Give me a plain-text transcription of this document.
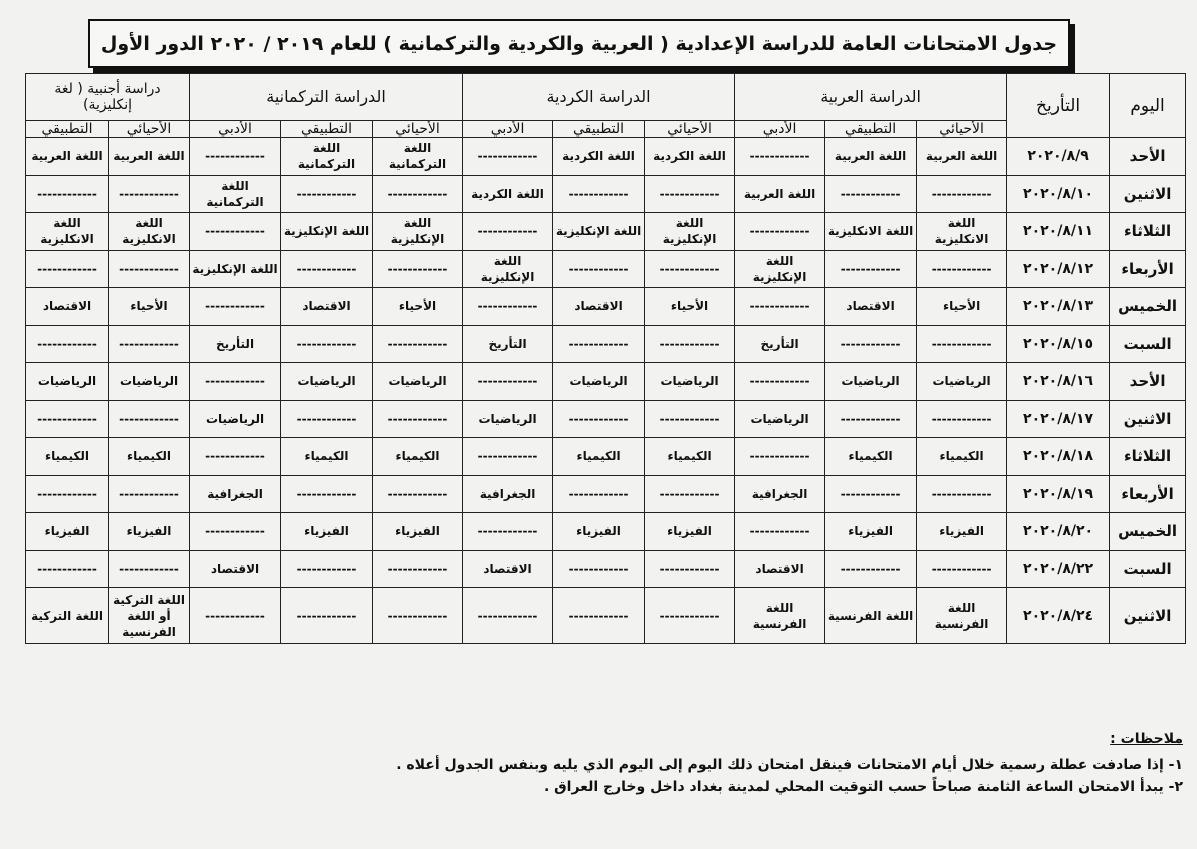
جدول الامتحانات العامة للدراسة الإعدادية ( العربية والكردية والتركمانية ) للعام ٢٠١٩ / ٢٠٢٠ الدور الأول
اليوم	التأريخ	الدراسة العربية			الدراسة الكردية			الدراسة التركمانية			دراسة أجنبية ( لغة إنكليزية)	
		الأحيائي	التطبيقي	الأدبي	الأحيائي	التطبيقي	الأدبي	الأحيائي	التطبيقي	الأدبي	الأحيائي	التطبيقي
الأحد	٢٠٢٠/٨/٩	اللغة العربية	اللغة العربية	------------	اللغة الكردية	اللغة الكردية	------------	اللغة التركمانية	اللغة التركمانية	------------	اللغة العربية	اللغة العربية
الاثنين	٢٠٢٠/٨/١٠	------------	------------	اللغة العربية	------------	------------	اللغة الكردية	------------	------------	اللغة التركمانية	------------	------------
الثلاثاء	٢٠٢٠/٨/١١	اللغة الانكليزية	اللغة الانكليزية	------------	اللغة الإنكليزية	اللغة الإنكليزية	------------	اللغة الإنكليزية	اللغة الإنكليزية	------------	اللغة الانكليزية	اللغة الانكليزية
الأربعاء	٢٠٢٠/٨/١٢	------------	------------	اللغة الإنكليزية	------------	------------	اللغة الإنكليزية	------------	------------	اللغة الإنكليزية	------------	------------
الخميس	٢٠٢٠/٨/١٣	الأحياء	الاقتصاد	------------	الأحياء	الاقتصاد	------------	الأحياء	الاقتصاد	------------	الأحياء	الاقتصاد
السبت	٢٠٢٠/٨/١٥	------------	------------	التأريخ	------------	------------	التأريخ	------------	------------	التأريخ	------------	------------
الأحد	٢٠٢٠/٨/١٦	الرياضيات	الرياضيات	------------	الرياضيات	الرياضيات	------------	الرياضيات	الرياضيات	------------	الرياضيات	الرياضيات
الاثنين	٢٠٢٠/٨/١٧	------------	------------	الرياضيات	------------	------------	الرياضيات	------------	------------	الرياضيات	------------	------------
الثلاثاء	٢٠٢٠/٨/١٨	الكيمياء	الكيمياء	------------	الكيمياء	الكيمياء	------------	الكيمياء	الكيمياء	------------	الكيمياء	الكيمياء
الأربعاء	٢٠٢٠/٨/١٩	------------	------------	الجغرافية	------------	------------	الجغرافية	------------	------------	الجغرافية	------------	------------
الخميس	٢٠٢٠/٨/٢٠	الفيزياء	الفيزياء	------------	الفيزياء	الفيزياء	------------	الفيزياء	الفيزياء	------------	الفيزياء	الفيزياء
السبت	٢٠٢٠/٨/٢٢	------------	------------	الاقتصاد	------------	------------	الاقتصاد	------------	------------	الاقتصاد	------------	------------
الاثنين	٢٠٢٠/٨/٢٤	اللغة الفرنسية	اللغة الفرنسية	اللغة الفرنسية	------------	------------	------------	------------	------------	------------	اللغة التركية أو اللغة الفرنسية	اللغة التركية
ملاحظات :
١- إذا صادفت عطلة رسمية خلال أيام الامتحانات فينقل امتحان ذلك اليوم إلى اليوم الذي يليه وبنفس الجدول أعلاه .
٢- يبدأ الامتحان الساعة الثامنة صباحاً حسب التوقيت المحلي لمدينة بغداد داخل وخارج العراق .
